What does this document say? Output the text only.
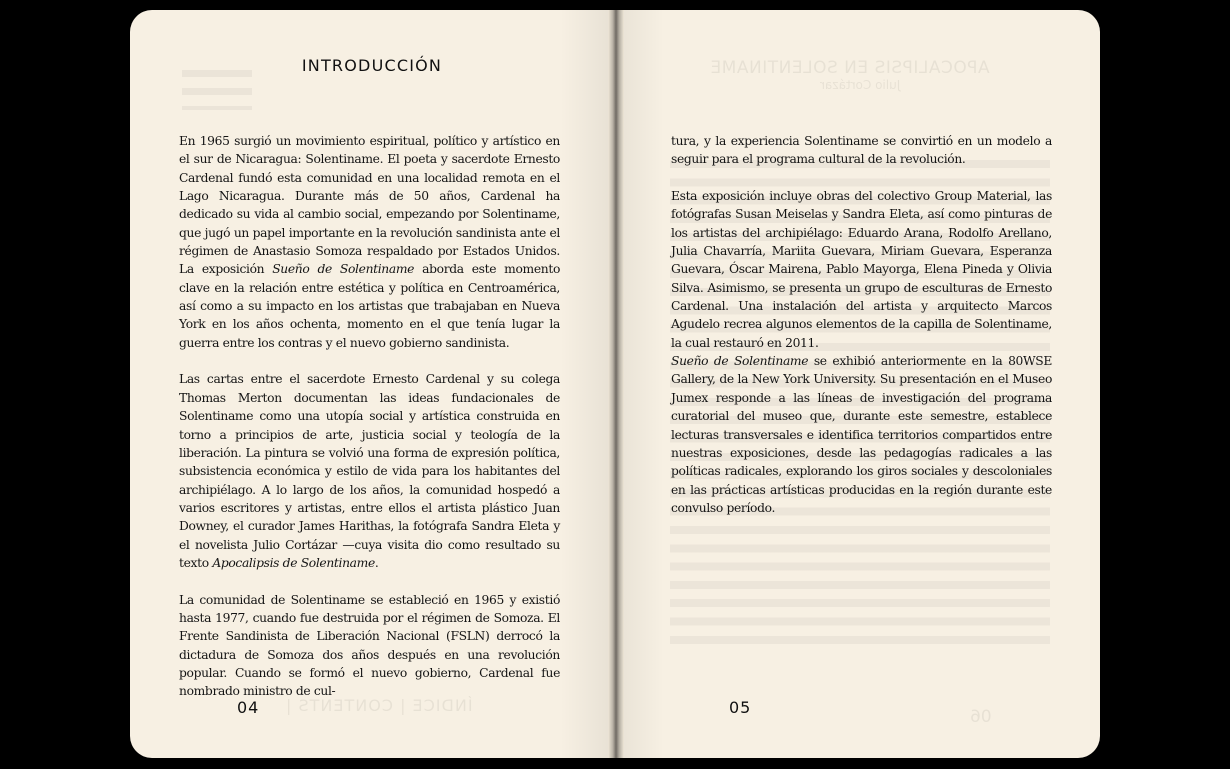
APOCALIPSIS EN SOLENTINAME
Julio Cortázar
ÍNDICE | CONTENTS |
06
INTRODUCCIÓN

En 1965 surgió un movimiento espiritual, político y artístico en el sur de Nicaragua: Solentiname. El poeta y sacerdote Ernesto Cardenal fundó esta comunidad en una localidad remota en el Lago Nicaragua. Durante más de 50 años, Cardenal ha dedicado su vida al cambio social, empezando por Solentiname, que jugó un papel importante en la revolución sandinista ante el régimen de Anastasio Somoza respaldado por Estados Unidos. La exposición Sueño de Solentiname aborda este momento clave en la relación entre estética y política en Centroamérica, así como a su impacto en los artistas que trabajaban en Nueva York en los años ochenta, momento en el que tenía lugar la guerra entre los contras y el nuevo gobierno sandinista.

Las cartas entre el sacerdote Ernesto Cardenal y su colega Thomas Merton documentan las ideas fundacionales de Solentiname como una utopía social y artística construida en torno a principios de arte, justicia social y teología de la liberación. La pintura se volvió una forma de expresión política, subsistencia económica y estilo de vida para los habitantes del archipiélago. A lo largo de los años, la comunidad hospedó a varios escritores y artistas, entre ellos el artista plástico Juan Downey, el curador James Harithas, la fotógrafa Sandra Eleta y el novelista Julio Cortázar —cuya visita dio como resultado su texto Apocalipsis de Solentiname.

La comunidad de Solentiname se estableció en 1965 y existió hasta 1977, cuando fue destruida por el régimen de Somoza. El Frente Sandinista de Liberación Nacional (FSLN) derrocó la dictadura de Somoza dos años después en una revolución popular. Cuando se formó el nuevo gobierno, Cardenal fue nombrado ministro de cul-

04

tura, y la experiencia Solentiname se convirtió en un modelo a seguir para el programa cultural de la revolución.

Esta exposición incluye obras del colectivo Group Material, las fotógrafas Susan Meiselas y Sandra Eleta, así como pinturas de los artistas del archipiélago: Eduardo Arana, Rodolfo Arellano, Julia Chavarría, Mariita Guevara, Miriam Guevara, Esperanza Guevara, Óscar Mairena, Pablo Mayorga, Elena Pineda y Olivia Silva. Asimismo, se presenta un grupo de esculturas de Ernesto Cardenal. Una instalación del artista y arquitecto Marcos Agudelo recrea algunos elementos de la capilla de Solentiname, la cual restauró en 2011.

Sueño de Solentiname se exhibió anteriormente en la 80WSE Gallery, de la New York University. Su presentación en el Museo Jumex responde a las líneas de investigación del programa curatorial del museo que, durante este semestre, establece lecturas transversales e identifica territorios compartidos entre nuestras exposiciones, desde las pedagogías radicales a las políticas radicales, explorando los giros sociales y descoloniales en las prácticas artísticas producidas en la región durante este convulso período.

05
